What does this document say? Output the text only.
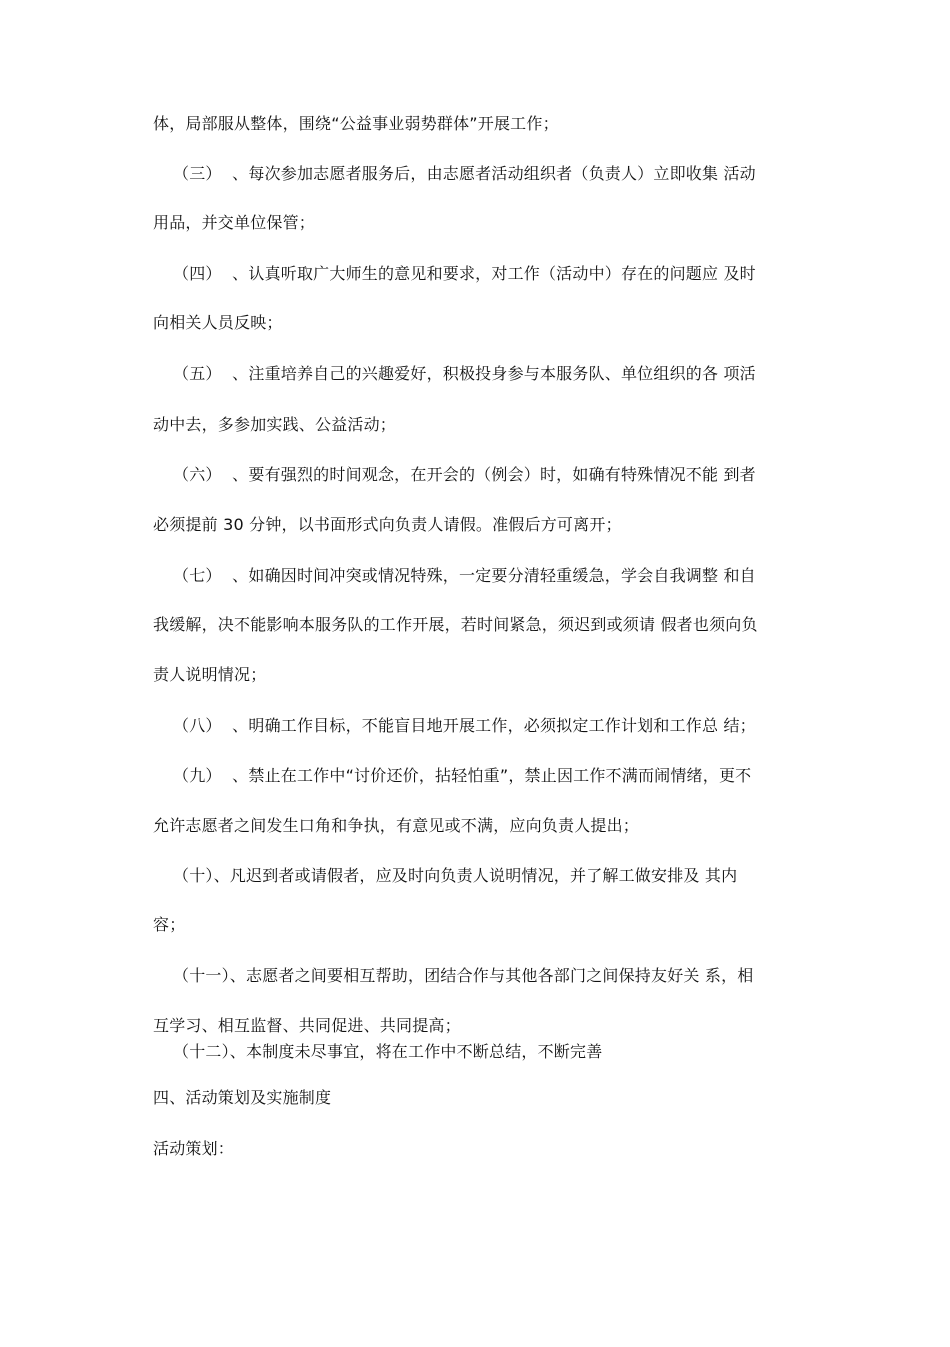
体，局部服从整体，围绕“公益事业弱势群体”开展工作；
（三）  、每次参加志愿者服务后，由志愿者活动组织者（负责人）立即收集 活动
用品，并交单位保管；
（四）  、认真听取广大师生的意见和要求，对工作（活动中）存在的问题应 及时
向相关人员反映；
（五）  、注重培养自己的兴趣爱好，积极投身参与本服务队、单位组织的各 项活
动中去，多参加实践、公益活动；
（六）  、要有强烈的时间观念，在开会的（例会）时，如确有特殊情况不能 到者
必须提前 30 分钟，以书面形式向负责人请假。准假后方可离开；
（七）  、如确因时间冲突或情况特殊，一定要分清轻重缓急，学会自我调整 和自
我缓解，决不能影响本服务队的工作开展，若时间紧急，须迟到或须请 假者也须向负
责人说明情况；
（八）  、明确工作目标，不能盲目地开展工作，必须拟定工作计划和工作总 结；
（九）  、禁止在工作中“讨价还价，拈轻怕重”，禁止因工作不满而闹情绪，更不
允许志愿者之间发生口角和争执，有意见或不满，应向负责人提出；
（十）、凡迟到者或请假者，应及时向负责人说明情况，并了解工做安排及 其内
容；
（十一）、志愿者之间要相互帮助，团结合作与其他各部门之间保持友好关 系，相
互学习、相互监督、共同促进、共同提高；
（十二）、本制度未尽事宜，将在工作中不断总结，不断完善
四、活动策划及实施制度
活动策划：
